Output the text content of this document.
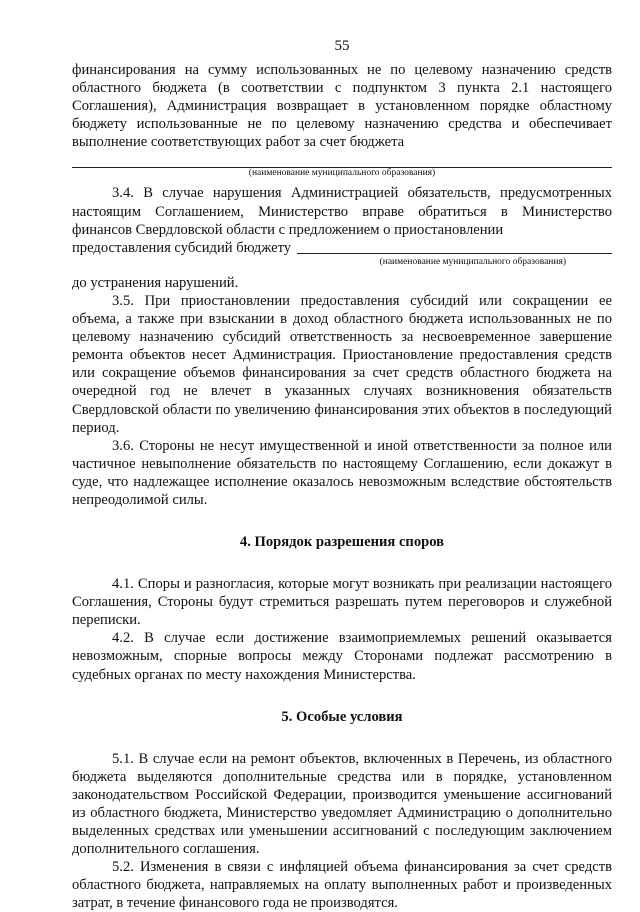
55

финансирования на сумму использованных не по целевому назначению средств областного бюджета (в соответствии с подпунктом 3 пункта 2.1 настоящего Соглашения), Администрация возвращает в установленном порядке областному бюджету использованные не по целевому назначению средства и обеспечивает выполнение соответствующих работ за счет бюджета

(наименование муниципального образования)

3.4. В случае нарушения Администрацией обязательств, предусмотренных настоящим Соглашением, Министерство вправе обратиться в Министерство финансов Свердловской области с предложением о приостановлении

предоставления субсидий бюджету
(наименование муниципального образования)

до устранения нарушений.

3.5. При приостановлении предоставления субсидий или сокращении ее объема, а также при взыскании в доход областного бюджета использованных не по целевому назначению субсидий ответственность за несвоевременное завершение ремонта объектов несет Администрация. Приостановление предоставления средств или сокращение объемов финансирования за счет средств областного бюджета на очередной год не влечет в указанных случаях возникновения обязательств Свердловской области по увеличению финансирования этих объектов в последующий период.

3.6. Стороны не несут имущественной и иной ответственности за полное или частичное невыполнение обязательств по настоящему Соглашению, если докажут в суде, что надлежащее исполнение оказалось невозможным вследствие обстоятельств непреодолимой силы.

4. Порядок разрешения споров

4.1. Споры и разногласия, которые могут возникать при реализации настоящего Соглашения, Стороны будут стремиться разрешать путем переговоров и служебной переписки.

4.2. В случае если достижение взаимоприемлемых решений оказывается невозможным, спорные вопросы между Сторонами подлежат рассмотрению в судебных органах по месту нахождения Министерства.

5. Особые условия

5.1. В случае если на ремонт объектов, включенных в Перечень, из областного бюджета выделяются дополнительные средства или в порядке, установленном законодательством Российской Федерации, производится уменьшение ассигнований из областного бюджета, Министерство уведомляет Администрацию о дополнительно выделенных средствах или уменьшении ассигнований с последующим заключением дополнительного соглашения.

5.2. Изменения в связи с инфляцией объема финансирования за счет средств областного бюджета, направляемых на оплату выполненных работ и произведенных затрат, в течение финансового года не производятся.
